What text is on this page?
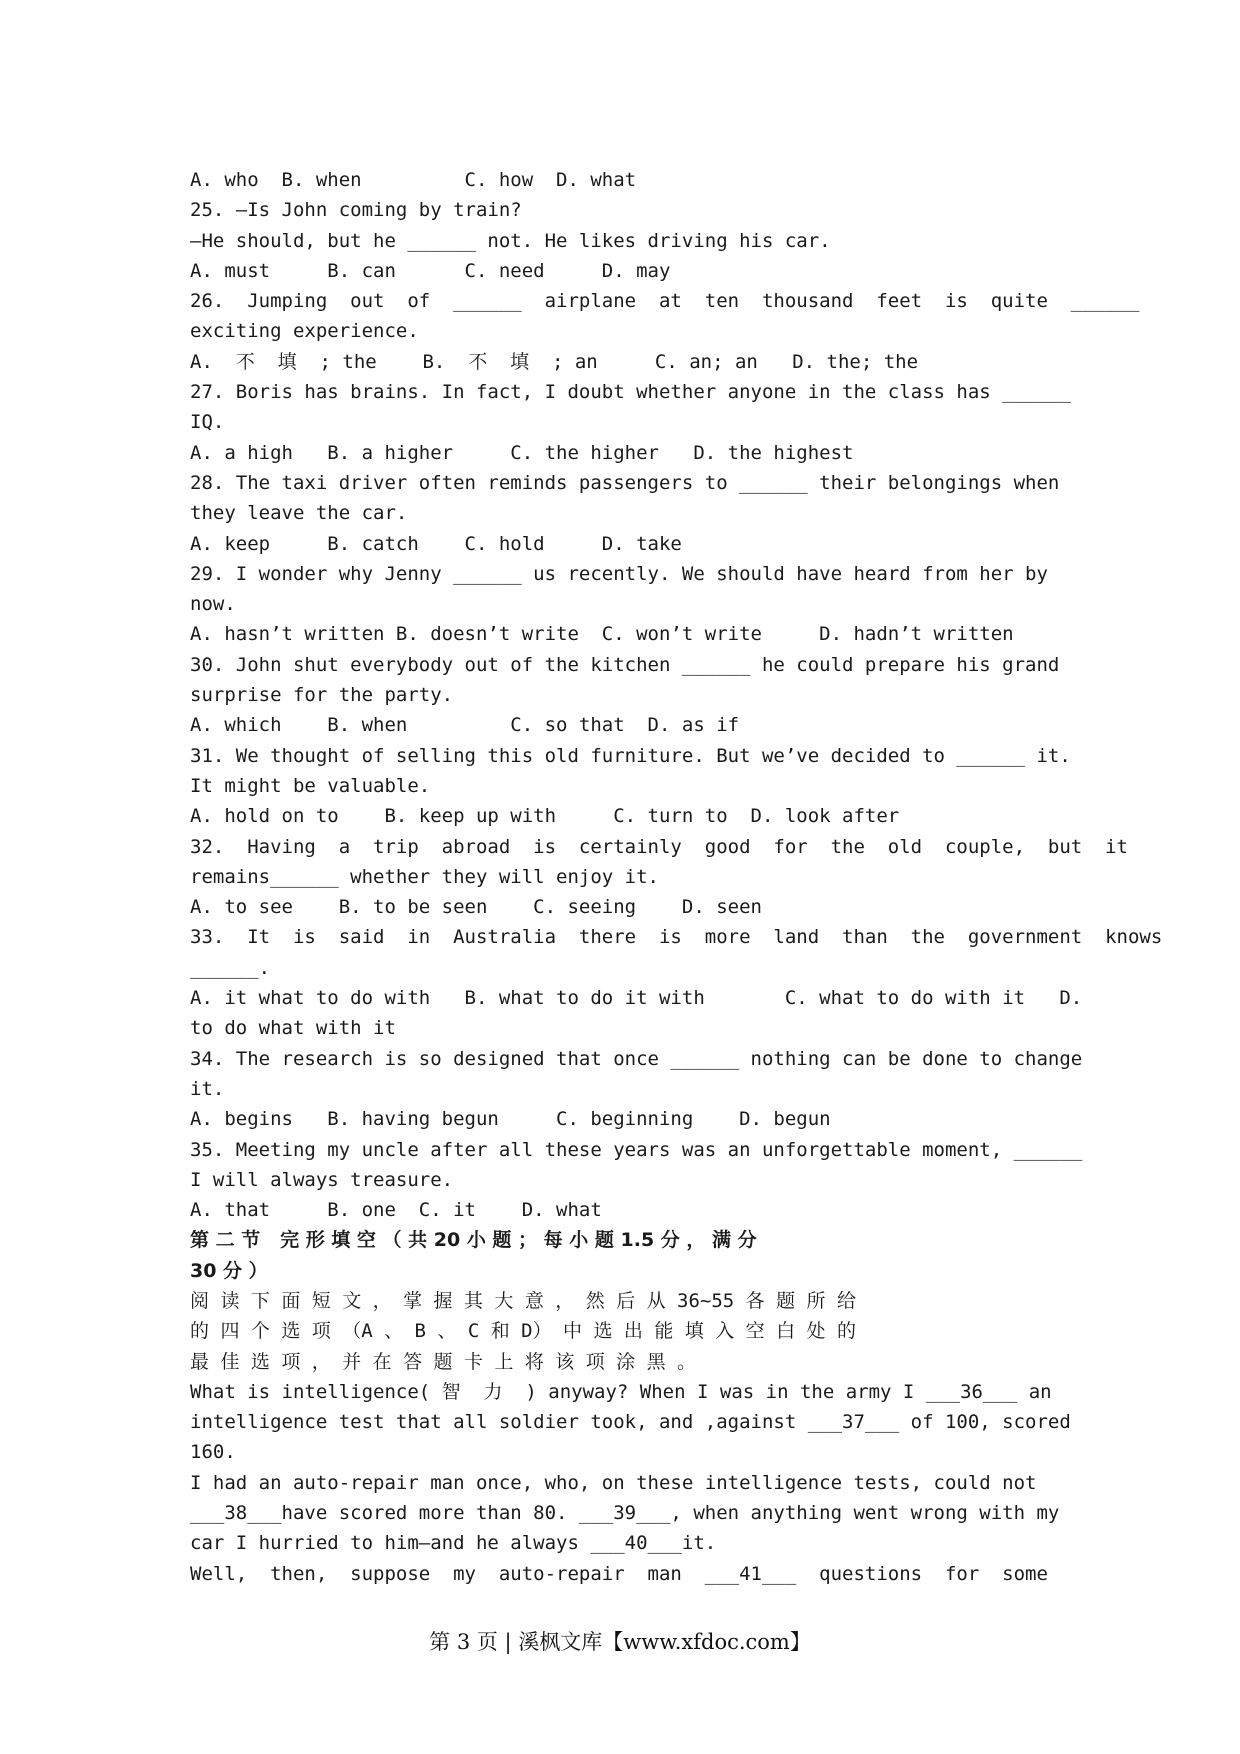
A. who  B. when         C. how  D. what
25. —Is John coming by train?
—He should, but he ______ not. He likes driving his car.
A. must     B. can      C. need     D. may
26.  Jumping  out  of  ______  airplane  at  ten  thousand  feet  is  quite  ______
exciting experience.
A.  不  填  ; the    B.  不  填  ; an     C. an; an   D. the; the
27. Boris has brains. In fact, I doubt whether anyone in the class has ______
IQ.
A. a high   B. a higher     C. the higher   D. the highest
28. The taxi driver often reminds passengers to ______ their belongings when
they leave the car.
A. keep     B. catch    C. hold     D. take
29. I wonder why Jenny ______ us recently. We should have heard from her by
now.
A. hasn’t written B. doesn’t write  C. won’t write     D. hadn’t written
30. John shut everybody out of the kitchen ______ he could prepare his grand
surprise for the party.
A. which    B. when         C. so that  D. as if
31. We thought of selling this old furniture. But we’ve decided to ______ it.
It might be valuable.
A. hold on to    B. keep up with     C. turn to  D. look after
32.  Having  a  trip  abroad  is  certainly  good  for  the  old  couple,  but  it
remains______ whether they will enjoy it.
A. to see    B. to be seen    C. seeing    D. seen
33.  It  is  said  in  Australia  there  is  more  land  than  the  government  knows
______.
A. it what to do with   B. what to do it with       C. what to do with it   D.
to do what with it
34. The research is so designed that once ______ nothing can be done to change
it.
A. begins   B. having begun     C. beginning    D. begun
35. Meeting my uncle after all these years was an unforgettable moment, ______
I will always treasure.
A. that     B. one  C. it    D. what
第 二 节   完 形 填 空 （ 共 20 小 题 ； 每 小 题 1.5 分 ， 满 分
30 分 ）
阅 读 下 面 短 文 ， 掌 握 其 大 意 ， 然 后 从 36~55 各 题 所 给
的 四 个 选 项 （A 、 B 、 C 和 D） 中 选 出 能 填 入 空 白 处 的
最 佳 选 项 ， 并 在 答 题 卡 上 将 该 项 涂 黑 。
What is intelligence( 智  力  ) anyway? When I was in the army I ___36___ an
intelligence test that all soldier took, and ,against ___37___ of 100, scored
160.
I had an auto-repair man once, who, on these intelligence tests, could not
___38___have scored more than 80. ___39___, when anything went wrong with my
car I hurried to him—and he always ___40___it.
Well,  then,  suppose  my  auto-repair  man  ___41___  questions  for  some
第 3 页 | 溪枫文库【www.xfdoc.com】
